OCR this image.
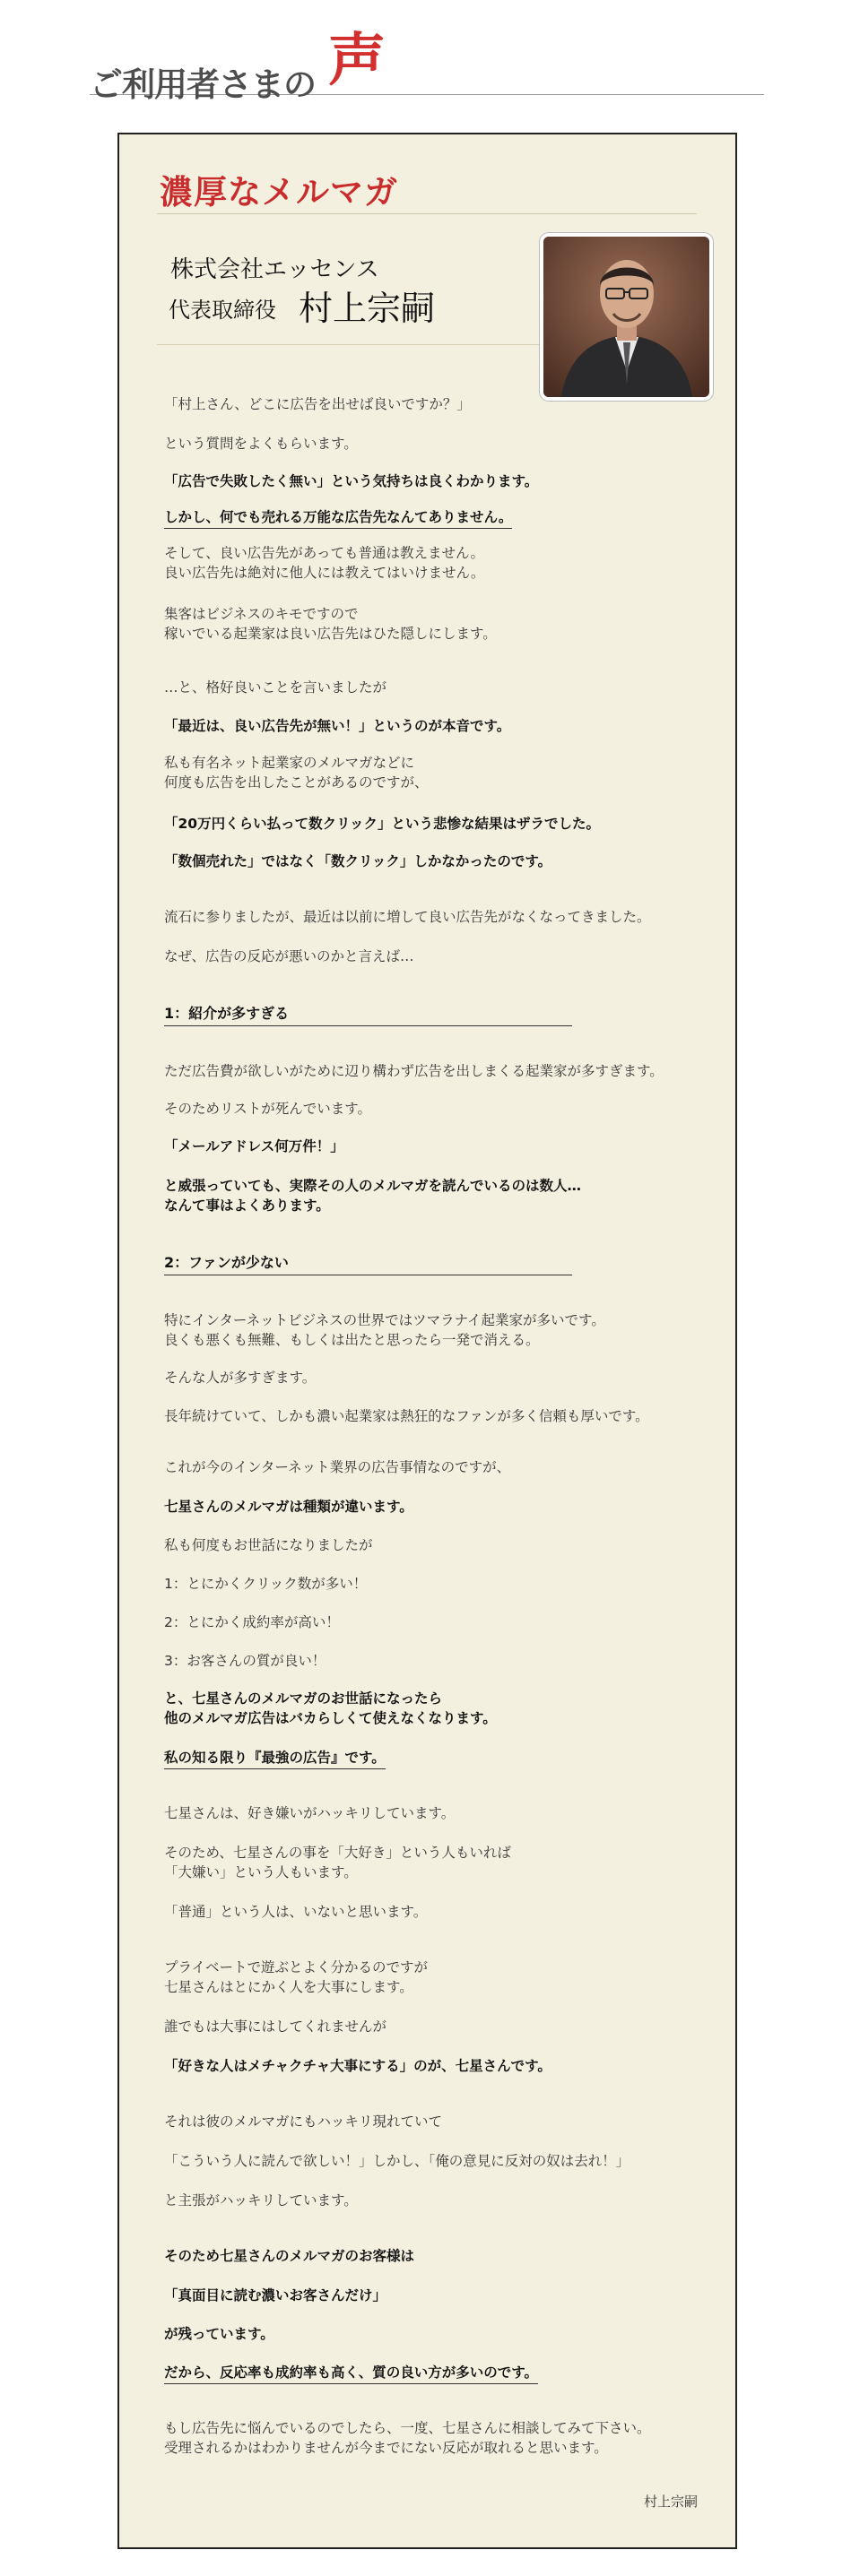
ご利用者さまの 声
濃厚なメルマガ
株式会社エッセンス
代表取締役 村上宗嗣
「村上さん、どこに広告を出せば良いですか？」
という質問をよくもらいます。
「広告で失敗したく無い」という気持ちは良くわかります。
しかし、何でも売れる万能な広告先なんてありません。
そして、良い広告先があっても普通は教えません。
良い広告先は絶対に他人には教えてはいけません。
集客はビジネスのキモですので
稼いでいる起業家は良い広告先はひた隠しにします。
…と、格好良いことを言いましたが
「最近は、良い広告先が無い！」というのが本音です。
私も有名ネット起業家のメルマガなどに
何度も広告を出したことがあるのですが、
「20万円くらい払って数クリック」という悲惨な結果はザラでした。
「数個売れた」ではなく「数クリック」しかなかったのです。
流石に参りましたが、最近は以前に増して良い広告先がなくなってきました。
なぜ、広告の反応が悪いのかと言えば…
1：紹介が多すぎる
ただ広告費が欲しいがために辺り構わず広告を出しまくる起業家が多すぎます。
そのためリストが死んでいます。
「メールアドレス何万件！」
と威張っていても、実際その人のメルマガを読んでいるのは数人…
なんて事はよくあります。
2：ファンが少ない
特にインターネットビジネスの世界ではツマラナイ起業家が多いです。
良くも悪くも無難、もしくは出たと思ったら一発で消える。
そんな人が多すぎます。
長年続けていて、しかも濃い起業家は熱狂的なファンが多く信頼も厚いです。
これが今のインターネット業界の広告事情なのですが、
七星さんのメルマガは種類が違います。
私も何度もお世話になりましたが
1：とにかくクリック数が多い！
2：とにかく成約率が高い！
3：お客さんの質が良い！
と、七星さんのメルマガのお世話になったら
他のメルマガ広告はバカらしくて使えなくなります。
私の知る限り『最強の広告』です。
七星さんは、好き嫌いがハッキリしています。
そのため、七星さんの事を「大好き」という人もいれば
「大嫌い」という人もいます。
「普通」という人は、いないと思います。
プライベートで遊ぶとよく分かるのですが
七星さんはとにかく人を大事にします。
誰でもは大事にはしてくれませんが
「好きな人はメチャクチャ大事にする」のが、七星さんです。
それは彼のメルマガにもハッキリ現れていて
「こういう人に読んで欲しい！」しかし、「俺の意見に反対の奴は去れ！」
と主張がハッキリしています。
そのため七星さんのメルマガのお客様は
「真面目に読む濃いお客さんだけ」
が残っています。
だから、反応率も成約率も高く、質の良い方が多いのです。
もし広告先に悩んでいるのでしたら、一度、七星さんに相談してみて下さい。
受理されるかはわかりませんが今までにない反応が取れると思います。
村上宗嗣
